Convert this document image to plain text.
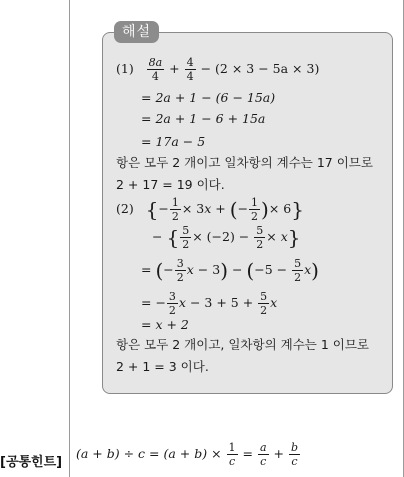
해설
$(1) \frac{8a}{4} + \frac{4}{4} - (2 \times 3 - 5a \times 3)$
= 2a + 1 − (6 − 15a)
= 2a + 1 − 6 + 15a
= 17a − 5
항은 모두 2 개이고 일차항의 계수는 17 이므로
2 + 17 = 19 이다.
(2) {− $\frac{1}{2} \times 3x$ + (− $\frac{1}{2}$ )× 6}
− { $\frac{5}{2} \times (-2) - \frac{5}{2} \times x$}
= (− $\frac{3}{2}$ $x - 3) - (-5 - \frac{5}{2} x)$
= − $\frac{3}{2}$ $x - 3 + 5 + \frac{5}{2}$ x
= x + 2
항은 모두 2 개이고, 일차항의 계수는 1 이므로
2 + 1 = 3 이다.
[공통힌트]
$(a + b) \div c = (a + b) \times \frac{1}{c} = \frac{a}{c} + \frac{b}{c}$
